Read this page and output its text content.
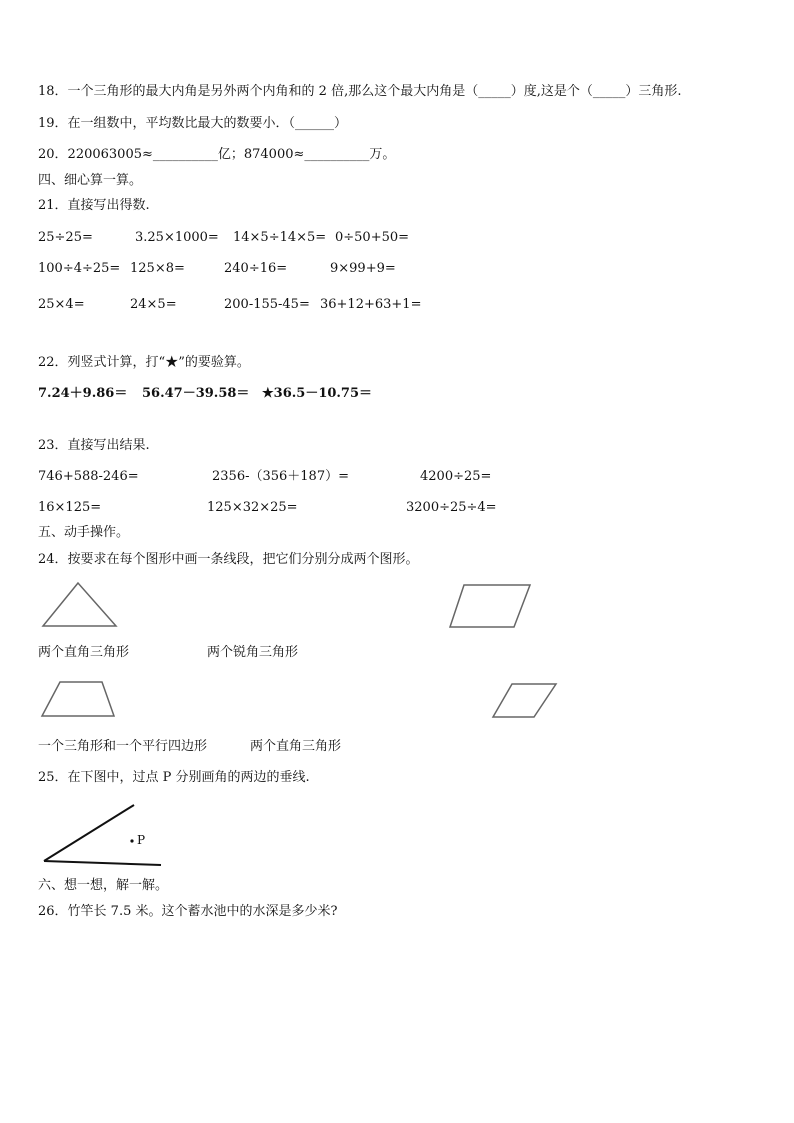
18．一个三角形的最大内角是另外两个内角和的 2 倍,那么这个最大内角是（_____）度,这是个（_____）三角形.
19．在一组数中，平均数比最大的数要小．（______）
20．220063005≈__________亿；874000≈__________万。
四、细心算一算。
21．直接写出得数.
25÷25=	3.25×1000= 14×5÷14×5= 0÷50+50=
100÷4÷25= 125×8=	240÷16=	9×99+9=
25×4=	24×5=	200-155-45= 36+12+63+1=
22．列竖式计算，打“★”的要验算。
7.24＋9.86＝ 56.47－39.58＝ ★36.5－10.75＝
23．直接写出结果.
746+588-246=	2356-（356＋187）=	4200÷25=
16×125=	125×32×25=	3200÷25÷4=
五、动手操作。
24．按要求在每个图形中画一条线段，把它们分别分成两个图形。
两个直角三角形	两个锐角三角形
一个三角形和一个平行四边形	两个直角三角形
25．在下图中，过点 P 分别画角的两边的垂线.
P
六、想一想，解一解。
26．竹竿长 7.5 米。这个蓄水池中的水深是多少米?
